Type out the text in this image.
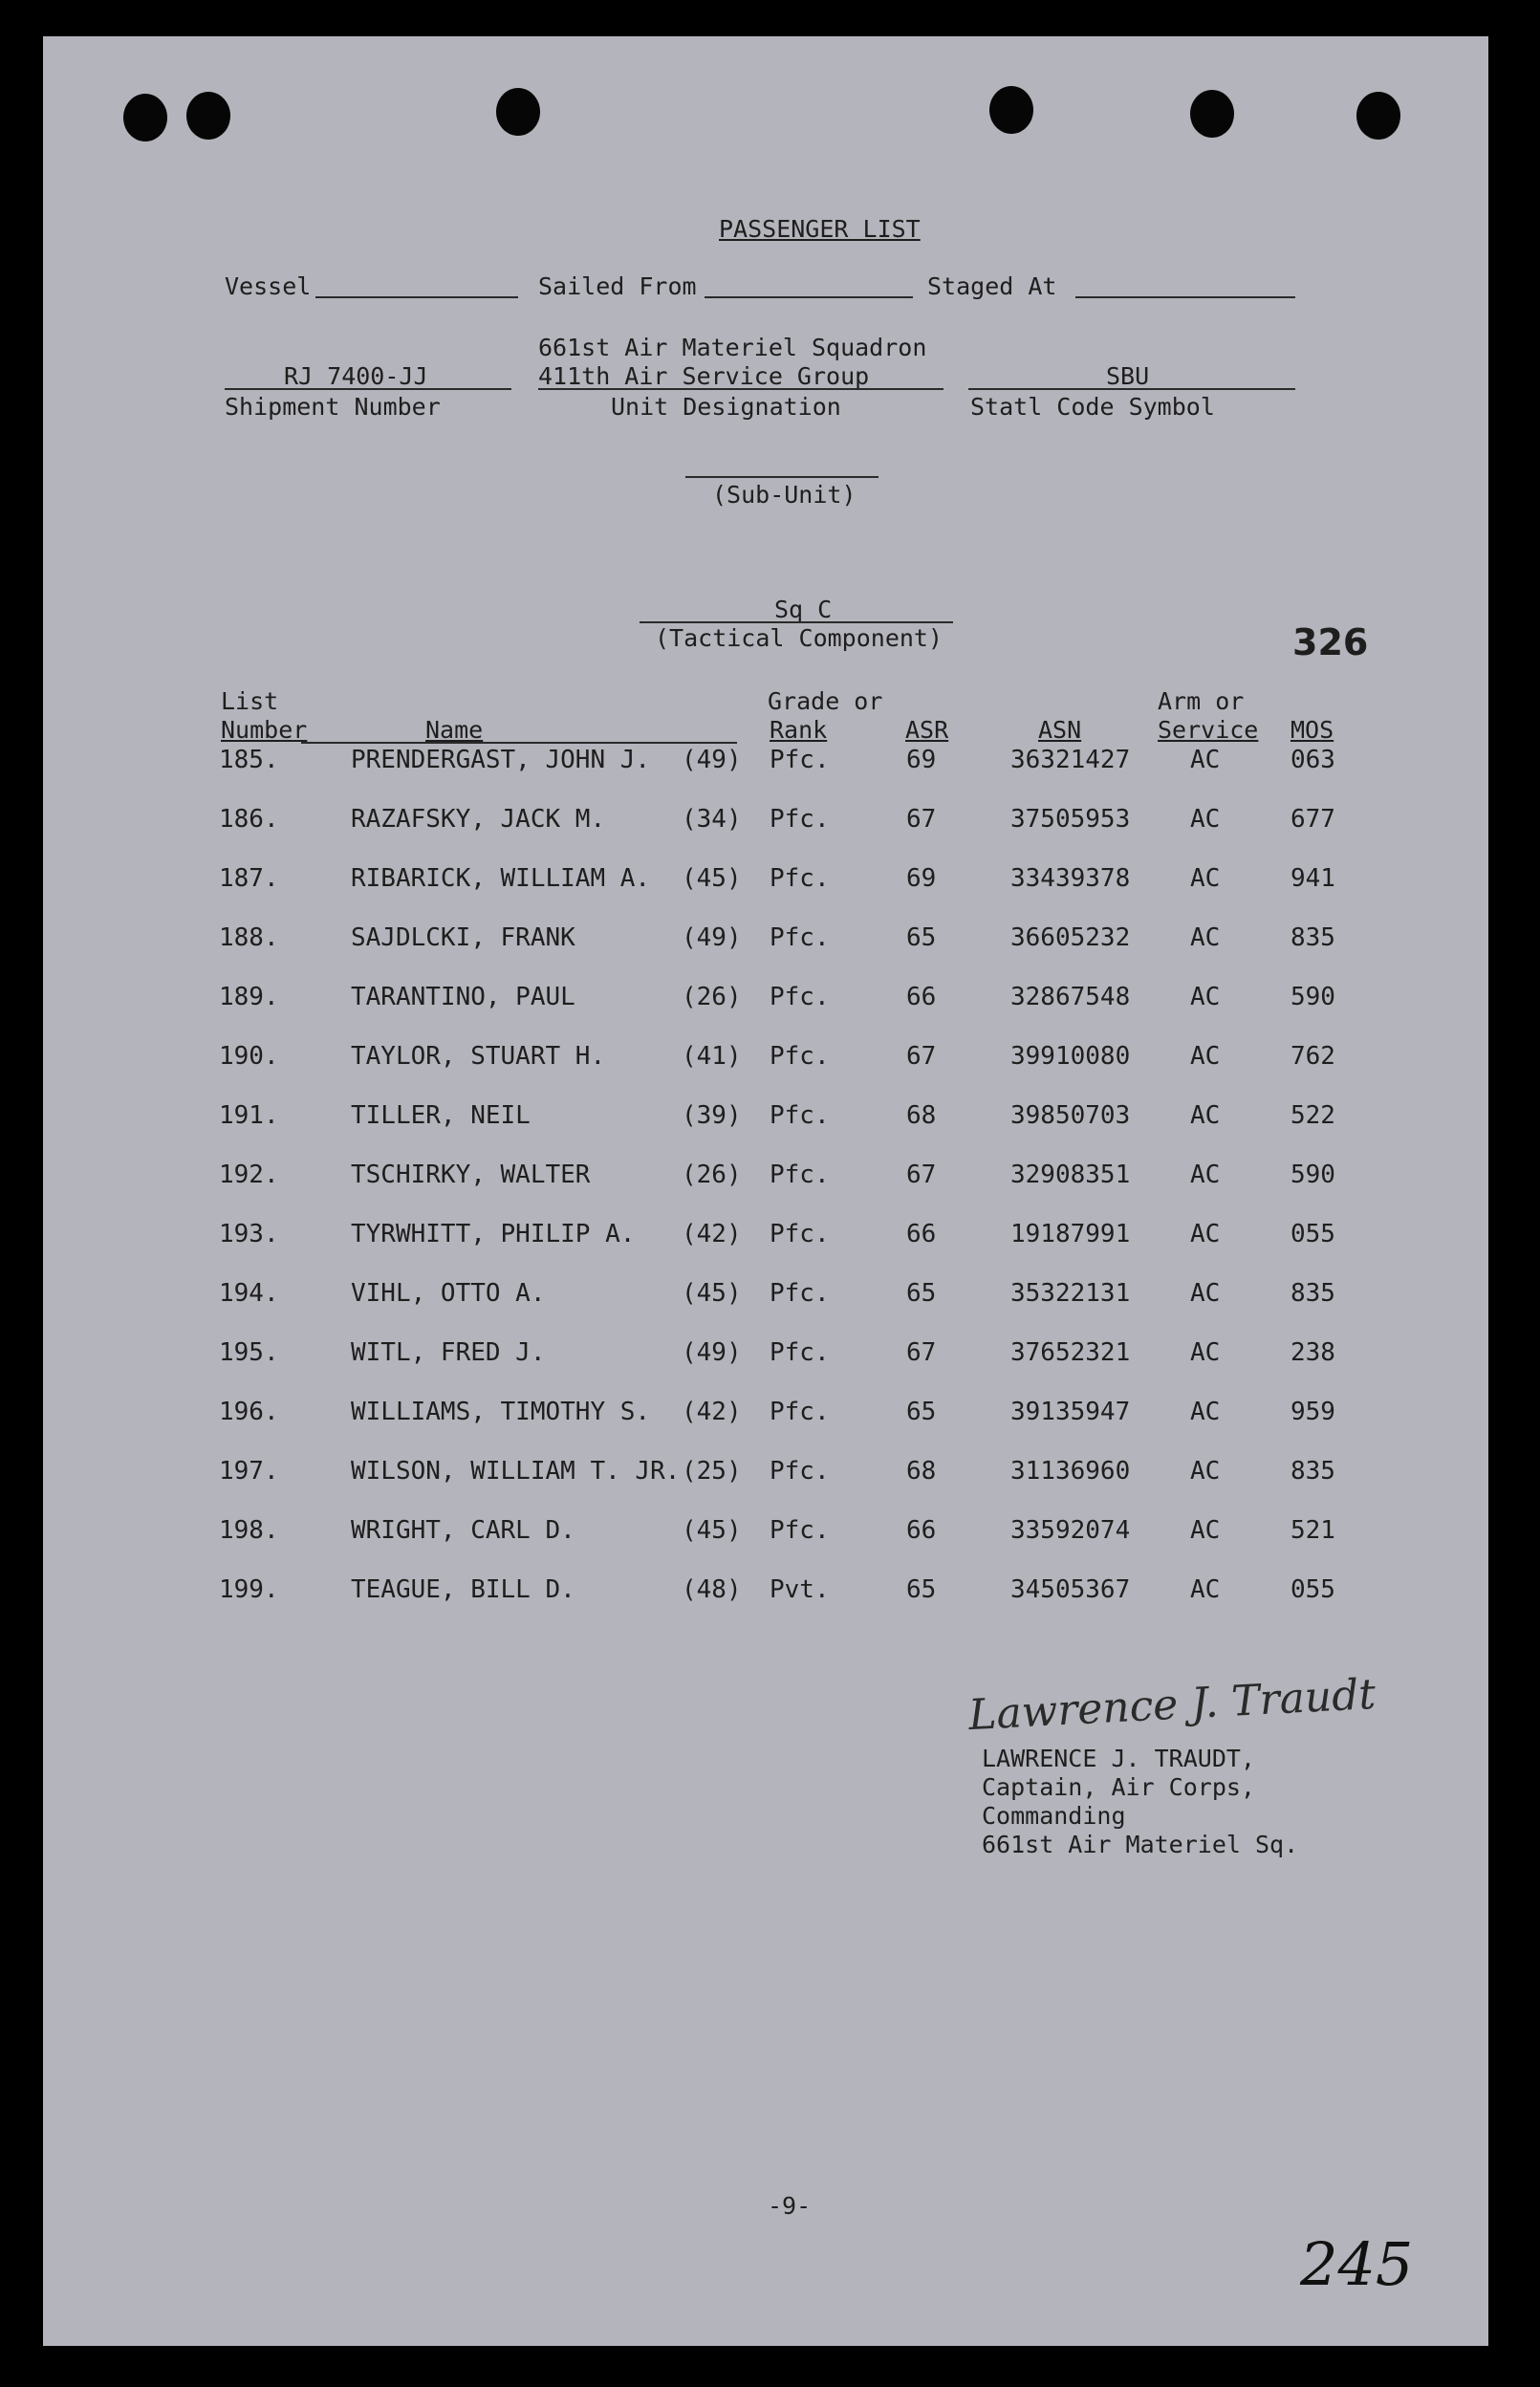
PASSENGER LIST
Vessel	Sailed From	Staged At
661st Air Materiel Squadron
RJ 7400-JJ	411th Air Service Group	SBU
Shipment Number	Unit Designation	Statl Code Symbol
(Sub-Unit)
Sq C
(Tactical Component)	326
List
Number	Name
Grade or
Rank	ASR	ASN
Arm or
Service MOS
185.	PRENDERGAST, JOHN J. (49) Pfc.	69	36321427 AC	063
186.	RAZAFSKY, JACK M.	(34) Pfc.	67	37505953 AC	677
187.	RIBARICK, WILLIAM A. (45) Pfc.	69	33439378 AC	941
188.	SAJDLCKI, FRANK	(49) Pfc.	65	36605232 AC	835
189.	TARANTINO, PAUL	(26) Pfc.	66	32867548 AC	590
190.	TAYLOR, STUART H.	(41) Pfc.	67	39910080 AC	762
191.	TILLER, NEIL	(39) Pfc.	68	39850703 AC	522
192.	TSCHIRKY, WALTER	(26) Pfc.	67	32908351 AC	590
193.	TYRWHITT, PHILIP A. (42) Pfc.	66	19187991 AC	055
194.	VIHL, OTTO A.	(45) Pfc.	65	35322131 AC	835
195.	WITL, FRED J.	(49) Pfc.	67	37652321 AC	238
196.	WILLIAMS, TIMOTHY S. (42) Pfc.	65	39135947 AC	959
197.	WILSON, WILLIAM T. JR. (25) Pfc.	68	31136960 AC	835
198.	WRIGHT, CARL D.	(45) Pfc.	66	33592074 AC	521
199.	TEAGUE, BILL D.	(48) Pvt.	65	34505367 AC	055
Lawrence J. Traudt
LAWRENCE J. TRAUDT,
Captain, Air Corps,
Commanding
661st Air Materiel Sq.
-9-
245
